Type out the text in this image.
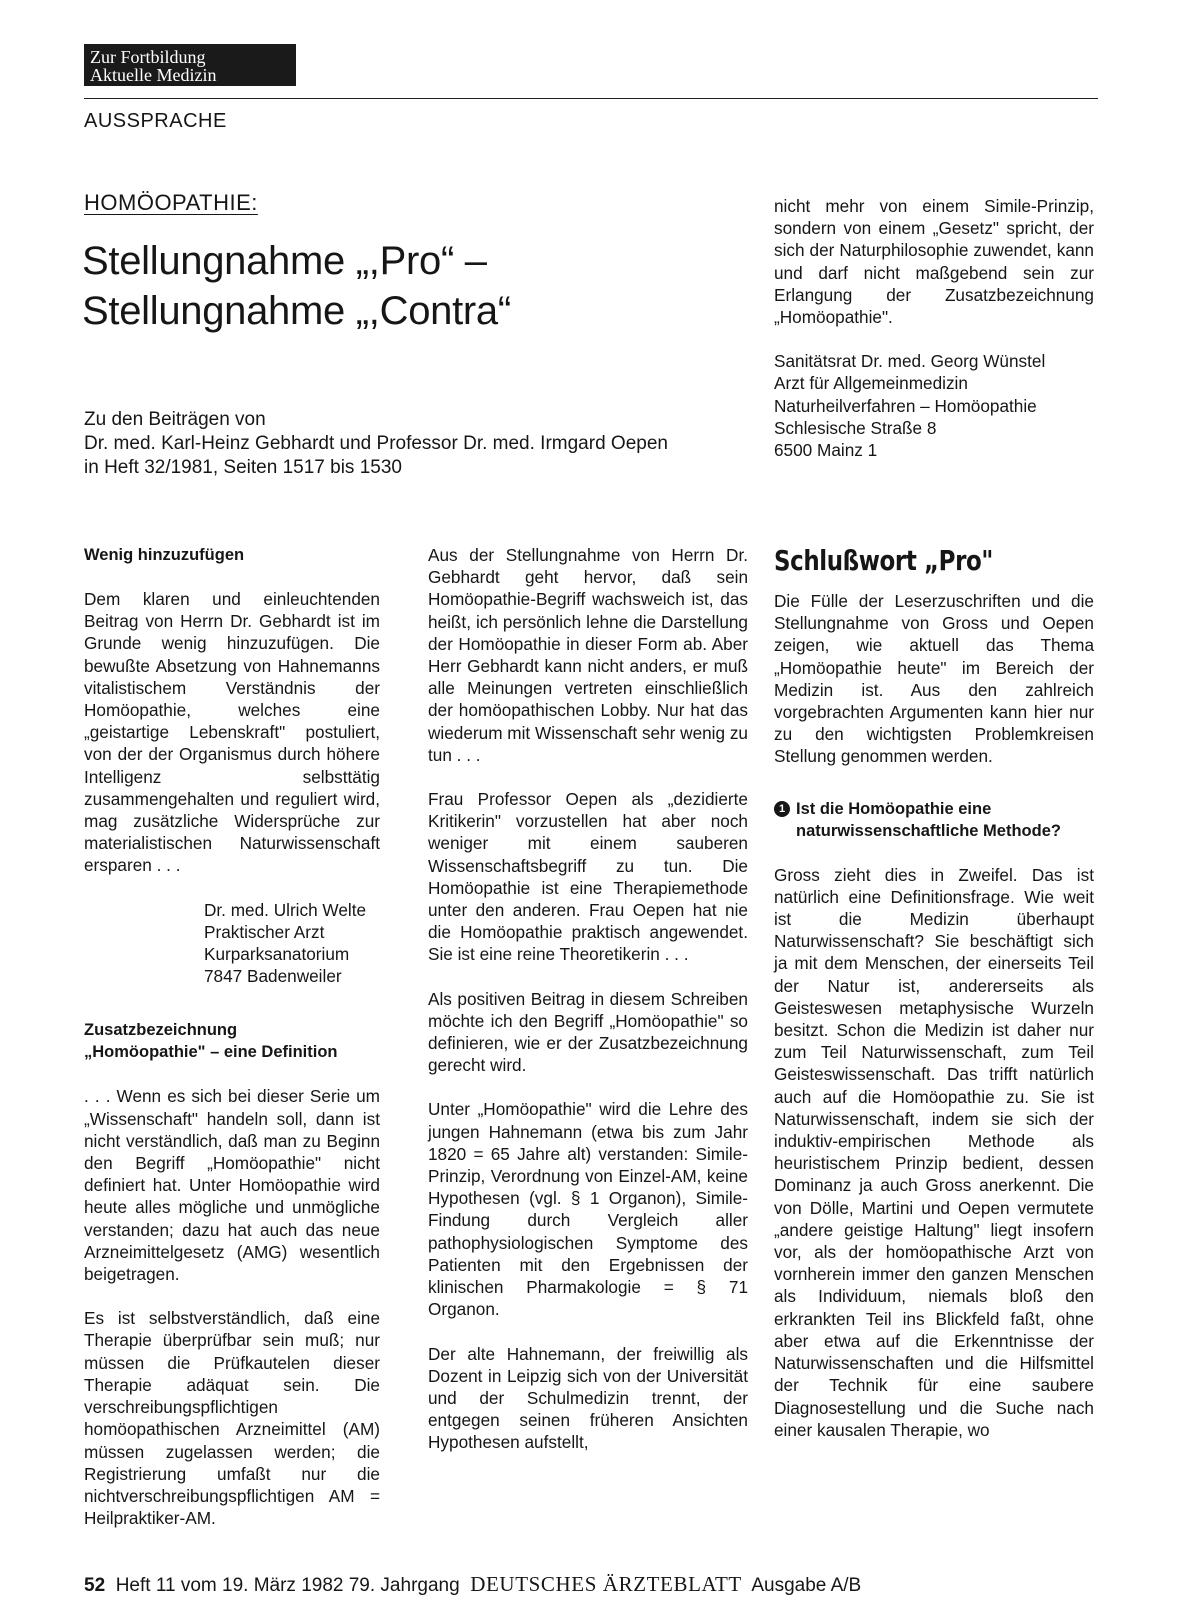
Zur Fortbildung
Aktuelle Medizin
AUSSPRACHE
HOMÖOPATHIE:
Stellungnahme „,Pro“ –
Stellungnahme „,Contra“
Zu den Beiträgen von
Dr. med. Karl-Heinz Gebhardt und Professor Dr. med. Irmgard Oepen
in Heft 32/1981, Seiten 1517 bis 1530
Wenig hinzuzufügen

Dem klaren und einleuchtenden Beitrag von Herrn Dr. Gebhardt ist im Grunde wenig hinzuzufügen. Die bewußte Absetzung von Hahnemanns vitalistischem Verständnis der Homöopathie, welches eine „geistartige Lebenskraft" postuliert, von der der Organismus durch höhere Intelligenz selbsttätig zusammengehalten und reguliert wird, mag zusätzliche Widersprüche zur materialistischen Naturwissenschaft ersparen . . .

Dr. med. Ulrich Welte
Praktischer Arzt
Kurparksanatorium
7847 Badenweiler
Zusatzbezeichnung
„Homöopathie" – eine Definition

. . . Wenn es sich bei dieser Serie um „Wissenschaft" handeln soll, dann ist nicht verständlich, daß man zu Beginn den Begriff „Homöopathie" nicht definiert hat. Unter Homöopathie wird heute alles mögliche und unmögliche verstanden; dazu hat auch das neue Arzneimittelgesetz (AMG) wesentlich beigetragen.

Es ist selbstverständlich, daß eine Therapie überprüfbar sein muß; nur müssen die Prüfkautelen dieser Therapie adäquat sein. Die verschreibungspflichtigen homöopathischen Arzneimittel (AM) müssen zugelassen werden; die Registrierung umfaßt nur die nichtverschreibungspflichtigen AM = Heilpraktiker-AM.

Aus der Stellungnahme von Herrn Dr. Gebhardt geht hervor, daß sein Homöopathie-Begriff wachsweich ist, das heißt, ich persönlich lehne die Darstellung der Homöopathie in dieser Form ab. Aber Herr Gebhardt kann nicht anders, er muß alle Meinungen vertreten einschließlich der homöopathischen Lobby. Nur hat das wiederum mit Wissenschaft sehr wenig zu tun . . .

Frau Professor Oepen als „dezidierte Kritikerin" vorzustellen hat aber noch weniger mit einem sauberen Wissenschaftsbegriff zu tun. Die Homöopathie ist eine Therapiemethode unter den anderen. Frau Oepen hat nie die Homöopathie praktisch angewendet. Sie ist eine reine Theoretikerin . . .

Als positiven Beitrag in diesem Schreiben möchte ich den Begriff „Homöopathie" so definieren, wie er der Zusatzbezeichnung gerecht wird.

Unter „Homöopathie" wird die Lehre des jungen Hahnemann (etwa bis zum Jahr 1820 = 65 Jahre alt) verstanden: Simile-Prinzip, Verordnung von Einzel-AM, keine Hypothesen (vgl. § 1 Organon), Simile-Findung durch Vergleich aller pathophysiologischen Symptome des Patienten mit den Ergebnissen der klinischen Pharmakologie = § 71 Organon.

Der alte Hahnemann, der freiwillig als Dozent in Leipzig sich von der Universität und der Schulmedizin trennt, der entgegen seinen früheren Ansichten Hypothesen aufstellt,

nicht mehr von einem Simile-Prinzip, sondern von einem „Gesetz" spricht, der sich der Naturphilosophie zuwendet, kann und darf nicht maßgebend sein zur Erlangung der Zusatzbezeichnung „Homöopathie".

Sanitätsrat Dr. med. Georg Wünstel
Arzt für Allgemeinmedizin
Naturheilverfahren – Homöopathie
Schlesische Straße 8
6500 Mainz 1
Schlußwort „Pro"

Die Fülle der Leserzuschriften und die Stellungnahme von Gross und Oepen zeigen, wie aktuell das Thema „Homöopathie heute" im Bereich der Medizin ist. Aus den zahlreich vorgebrachten Argumenten kann hier nur zu den wichtigsten Problemkreisen Stellung genommen werden.

1 Ist die Homöopathie eine
naturwissenschaftliche Methode?

Gross zieht dies in Zweifel. Das ist natürlich eine Definitionsfrage. Wie weit ist die Medizin überhaupt Naturwissenschaft? Sie beschäftigt sich ja mit dem Menschen, der einerseits Teil der Natur ist, andererseits als Geisteswesen metaphysische Wurzeln besitzt. Schon die Medizin ist daher nur zum Teil Naturwissenschaft, zum Teil Geisteswissenschaft. Das trifft natürlich auch auf die Homöopathie zu. Sie ist Naturwissenschaft, indem sie sich der induktiv-empirischen Methode als heuristischem Prinzip bedient, dessen Dominanz ja auch Gross anerkennt. Die von Dölle, Martini und Oepen vermutete „andere geistige Haltung" liegt insofern vor, als der homöopathische Arzt von vornherein immer den ganzen Menschen als Individuum, niemals bloß den erkrankten Teil ins Blickfeld faßt, ohne aber etwa auf die Erkenntnisse der Naturwissenschaften und die Hilfsmittel der Technik für eine saubere Diagnosestellung und die Suche nach einer kausalen Therapie, wo

52 Heft 11 vom 19. März 1982 79. Jahrgang DEUTSCHES ÄRZTEBLATT Ausgabe A/B
